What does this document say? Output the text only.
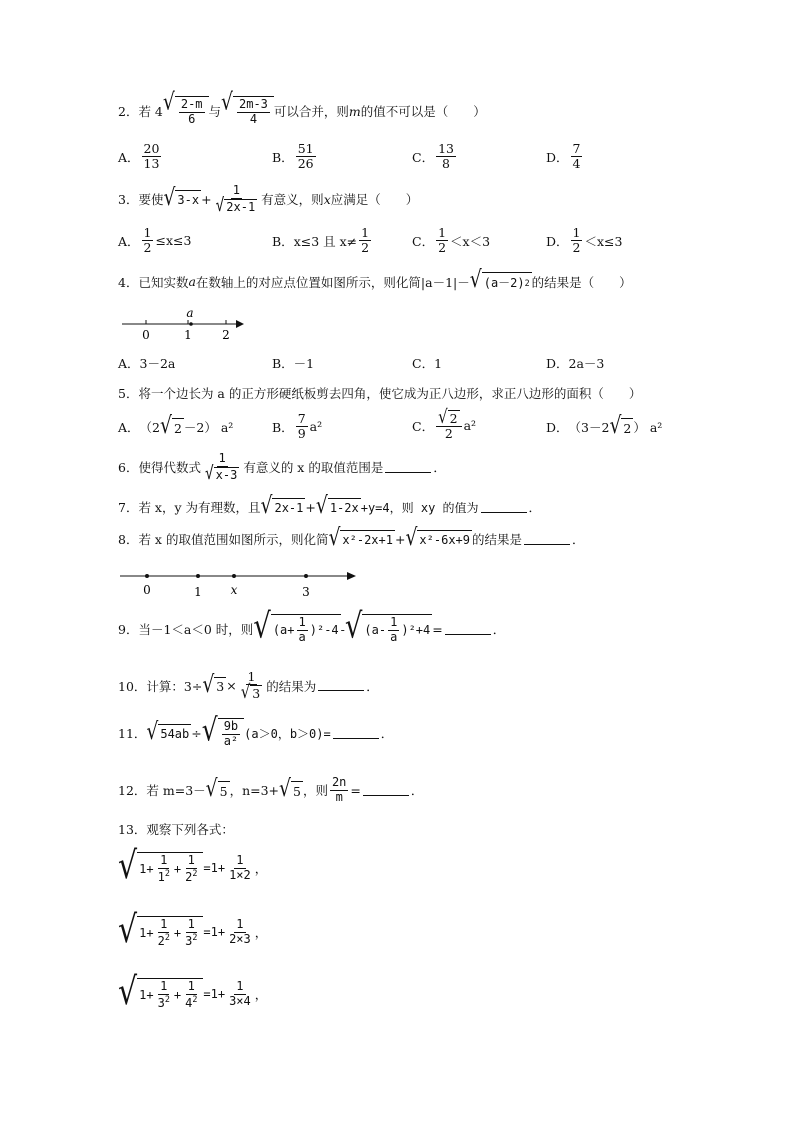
2． 若 4 √ $\frac{2-m}{6}$ 与 √ $\frac{2m-3}{4}$ 可以合并，则 m 的值不可以是（　　）
A． $\frac{20}{13}$	B． $\frac{51}{26}$	C． $\frac{13}{8}$	D． $\frac{7}{4}$
3． 要使 √ $3-x + \frac{1}{√ 2x-1}$ 有意义，则 x 应满足（　　）
A． $\frac{1}{2} \le x\le 3$	B． x≤3 且 $x\ne \frac{1}{2}$	C． $\frac{1}{2} <x<3$	D． $\frac{1}{2} <x\le 3$
4． 已知实数 a 在数轴上的对应点位置如图所示，则化简|a－1|－ √ (a－2) 2 的结果是（　　）
a
0	1	2
A．3－2a	B．－1	C．1	D．2a－3
5． 将一个边长为 a 的正方形硬纸板剪去四角，使它成为正八边形，求正八边形的面积（　　）
A． （2 √ 2 －2） a²	B． $\frac{7}{9} a^2$	C． $\frac{√ 2}{2} a^2$	D． （3－2 √ 2 ） a²
6． 使得代数式 $\frac{1}{√ x-3}$ 有意义的 x 的取值范围是	．
7． 若 x，y 为有理数，且 √ 2x-1 + √ 1-2x +y=4，则 xy 的值为	．
8． 若 x 的取值范围如图所示，则化简 √ x²-2x+1 + √ x²-6x+9 的结果是	．
0	1 x	3
9． 当－1＜a＜0 时，则 √ $(a+ \frac{1}{a} )^2-4$ - √ $(a- \frac{1}{a} )^2+4$ =	．
10． 计算：3÷ √ $3 \times \frac{1}{√ 3}$ 的结果为	．
11． √ 54ab ÷ √ $\frac{9b}{\text{a²}} (a>0$，b＞0)=	．
12． 若 m=3－ √ 5 ，n=3+ √ 5 ，则 $\frac{2n}{m}$ =	．
13． 观察下列各式：
√ $1+ \frac{1}{1^2} + \frac{1}{2^2} =1+ \frac{1}{1\times 2}$ ，
√ $1+ \frac{1}{2^2} + \frac{1}{3^2} =1+ \frac{1}{2\times 3}$ ，
√ $1+ \frac{1}{3^2} + \frac{1}{4^2} =1+ \frac{1}{3\times 4}$ ，
